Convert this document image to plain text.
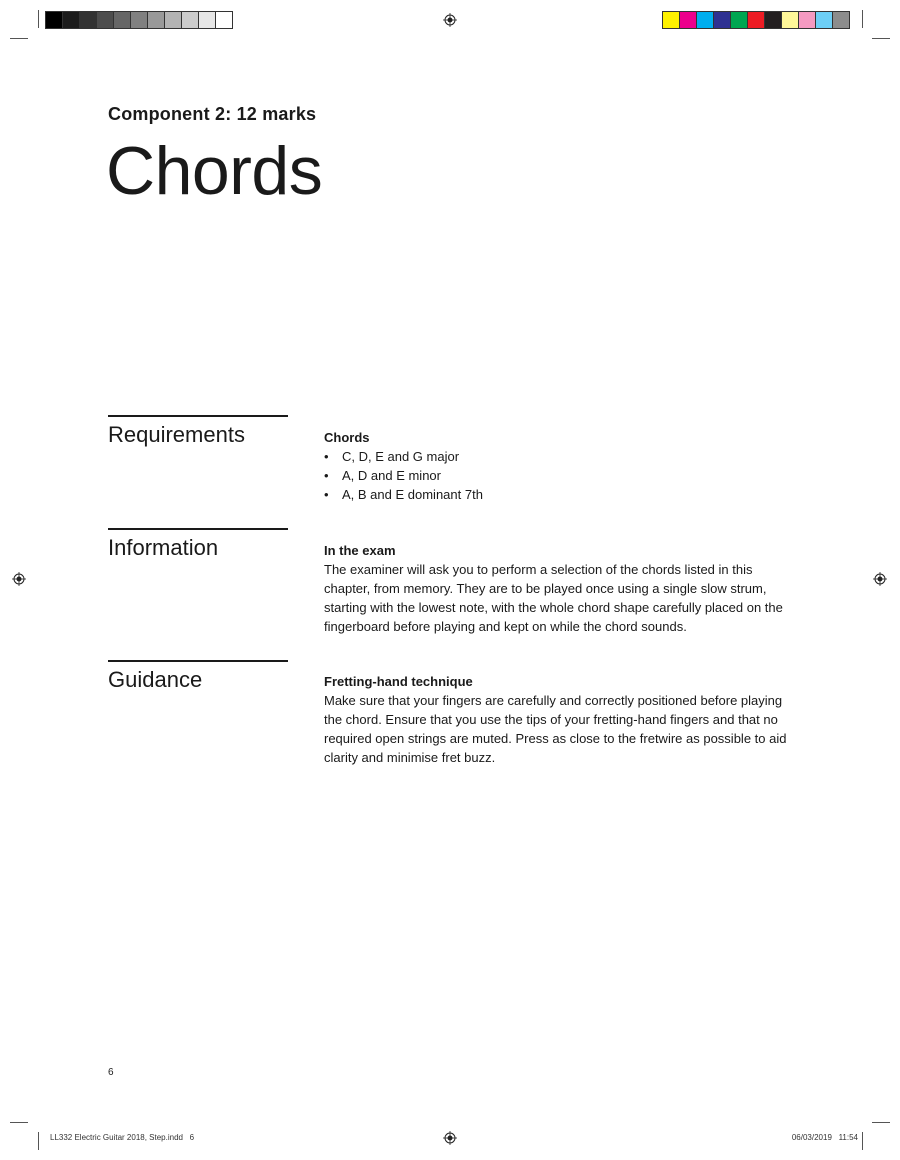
Component 2: 12 marks
Chords
Requirements	Chords
• C, D, E and G major
• A, D and E minor
• A, B and E dominant 7th
Information	In the exam

The examiner will ask you to perform a selection of the chords listed in this chapter, from memory. They are to be played once using a single slow strum, starting with the lowest note, with the whole chord shape carefully placed on the fingerboard before playing and kept on while the chord sounds.

Guidance	Fretting-hand technique

Make sure that your fingers are carefully and correctly positioned before playing the chord. Ensure that you use the tips of your fretting-hand fingers and that no required open strings are muted. Press as close to the fretwire as possible to aid clarity and minimise fret buzz.

6
LL332 Electric Guitar 2018, Step.indd   6	06/03/2019   11:54
